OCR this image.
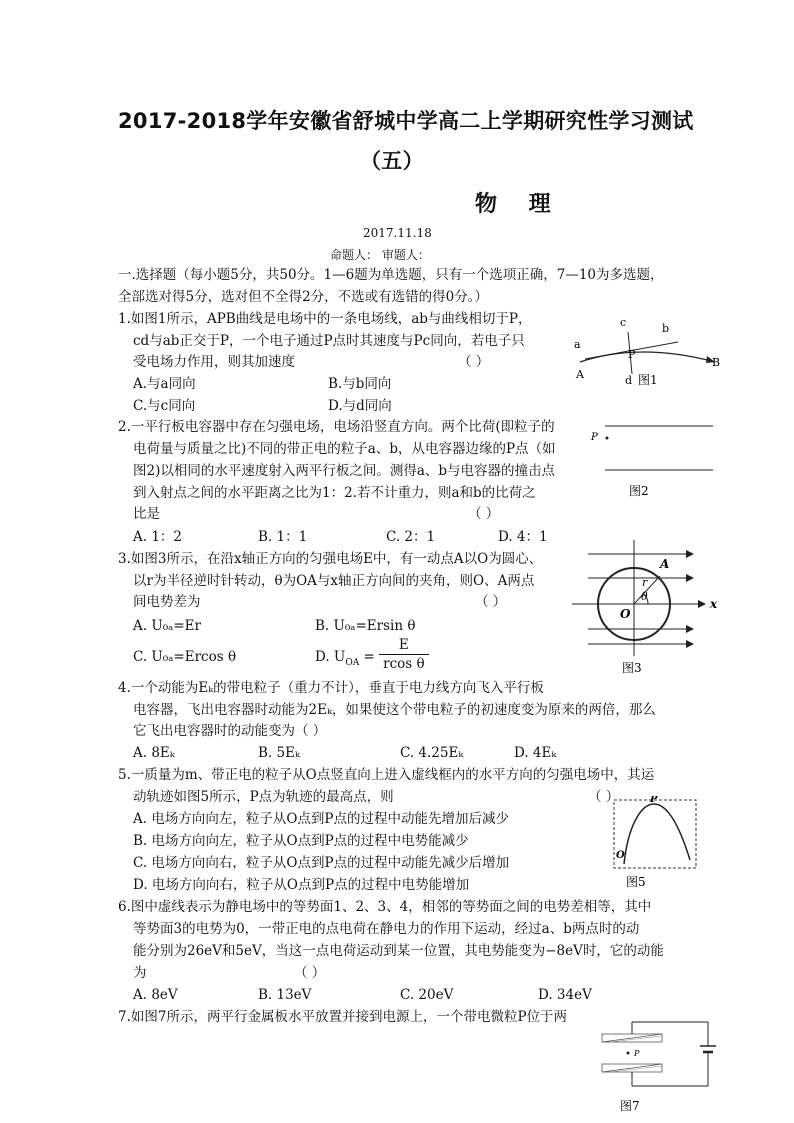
2017-2018学年安徽省舒城中学高二上学期研究性学习测试
（五）
物 理
2017.11.18
命题人： 审题人：
一.选择题（每小题5分，共50分。1—6题为单选题，只有一个选项正确，7—10为多选题，
全部选对得5分，选对但不全得2分，不选或有选错的得0分。）
1.如图1所示，APB曲线是电场中的一条电场线，ab与曲线相切于P，
cd与ab正交于P，一个电子通过P点时其速度与Pc同向，若电子只
受电场力作用，则其加速度	（ ）
A.与a同向	B.与b同向
C.与c同向	D.与d同向
a
b
c
d
A
B
P
图1
2.一平行板电容器中存在匀强电场，电场沿竖直方向。两个比荷(即粒子的
电荷量与质量之比)不同的带正电的粒子a、b，从电容器边缘的P点（如
图2)以相同的水平速度射入两平行板之间。测得a、b与电容器的撞击点
到入射点之间的水平距离之比为1：2.若不计重力，则a和b的比荷之
比是	（ ）
A. 1：2	B. 1：1	C. 2：1	D. 4：1
P
图2
3.如图3所示，在沿x轴正方向的匀强电场E中，有一动点A以O为圆心、
以r为半径逆时针转动，θ为OA与x轴正方向间的夹角，则O、A两点
间电势差为	（ ）
A. U₀ₐ=Er	B. U₀ₐ=Ersin θ
C. U₀ₐ=Ercos θ	D. $U_{OA} = \frac{E}{\text{rcos θ}}$
A
r
θ
O
x
图3
4.一个动能为Eₖ的带电粒子（重力不计），垂直于电力线方向飞入平行板
电容器，飞出电容器时动能为2Eₖ，如果使这个带电粒子的初速度变为原来的两倍，那么
它飞出电容器时的动能变为（ ）
A. 8Eₖ	B. 5Eₖ	C. 4.25Eₖ	D. 4Eₖ
5.一质量为m、带正电的粒子从O点竖直向上进入虚线框内的水平方向的匀强电场中，其运
动轨迹如图5所示，P点为轨迹的最高点，则	（ ）
A. 电场方向向左，粒子从O点到P点的过程中动能先增加后减少
B. 电场方向向左，粒子从O点到P点的过程中电势能减少
C. 电场方向向右，粒子从O点到P点的过程中动能先减少后增加
D. 电场方向向右，粒子从O点到P点的过程中电势能增加
P
O
图5
6.图中虚线表示为静电场中的等势面1、2、3、4，相邻的等势面之间的电势差相等，其中
等势面3的电势为0，一带正电的点电荷在静电力的作用下运动，经过a、b两点时的动
能分别为26eV和5eV，当这一点电荷运动到某一位置，其电势能变为−8eV时，它的动能
为	（ ）
A. 8eV	B. 13eV	C. 20eV	D. 34eV
7.如图7所示，两平行金属板水平放置并接到电源上，一个带电微粒P位于两
P
图7
